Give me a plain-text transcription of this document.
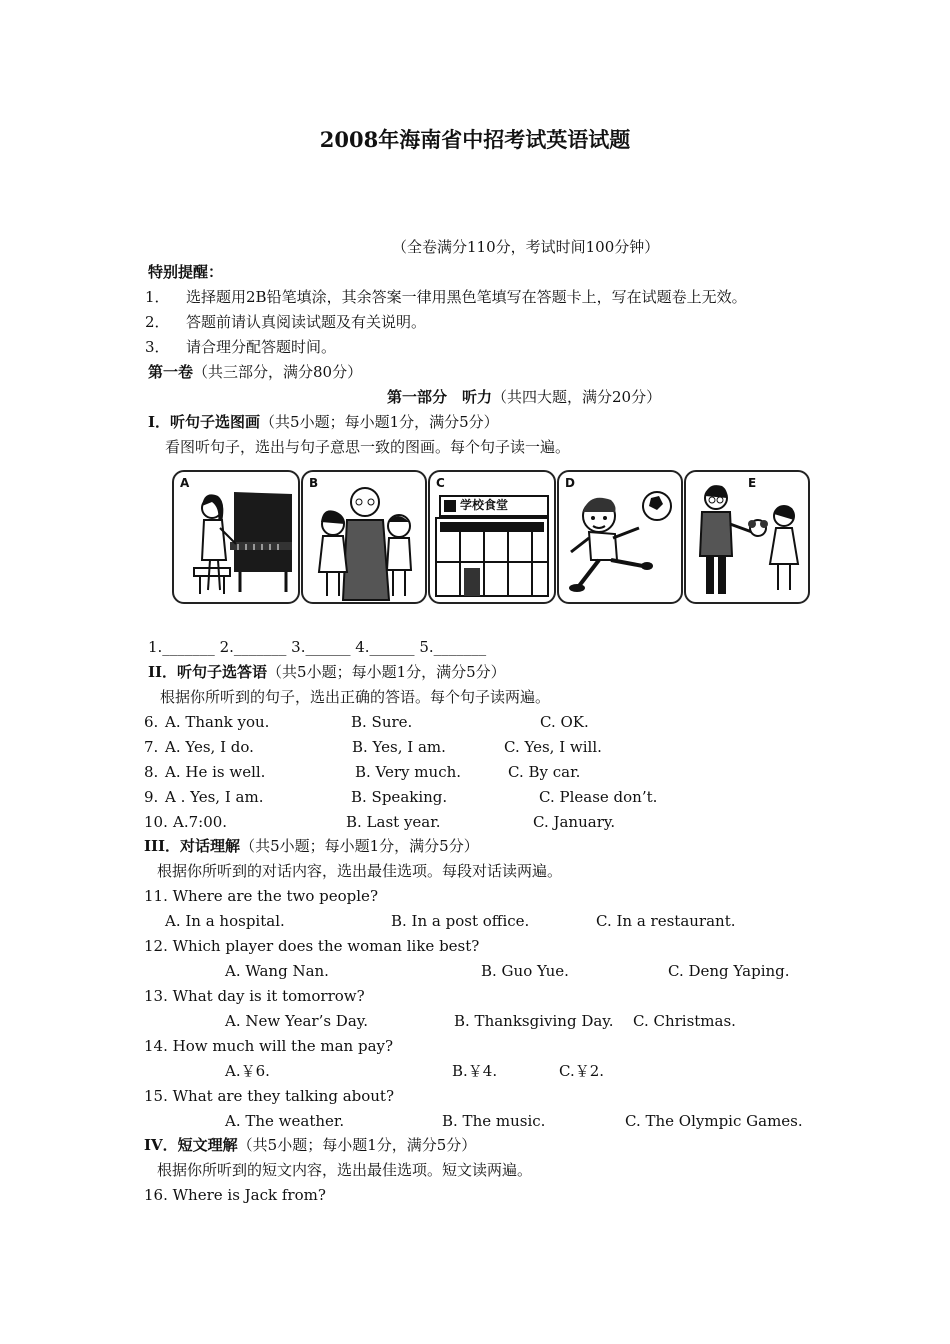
2008年海南省中招考试英语试题
（全卷满分110分，考试时间100分钟）
特别提醒：
1． 选择题用2B铅笔填涂，其余答案一律用黑色笔填写在答题卡上，写在试题卷上无效。
2． 答题前请认真阅读试题及有关说明。
3． 请合理分配答题时间。
第一卷（共三部分，满分80分）
第一部分　听力（共四大题，满分20分）
I．听句子选图画（共5小题；每小题1分，满分5分）
看图听句子，选出与句子意思一致的图画。每个句子读一遍。
A	B	C
学校食堂
D	E
1._______ 2._______ 3.______ 4.______ 5._______
II．听句子选答语（共5小题；每小题1分，满分5分）
根据你所听到的句子，选出正确的答语。每个句子读两遍。
6. A. Thank you.	B. Sure.	C. OK.
7. A. Yes, I do.	B. Yes, I am.	C. Yes, I will.
8. A. He is well.	B. Very much.	C. By car.
9. A . Yes, I am.	B. Speaking.	C. Please don’t.
10. A.7:00.	B. Last year.	C. January.
III．对话理解（共5小题；每小题1分，满分5分）
根据你所听到的对话内容，选出最佳选项。每段对话读两遍。
11. Where are the two people?
A. In a hospital.	B. In a post office.	C. In a restaurant.
12. Which player does the woman like best?
A. Wang Nan.	B. Guo Yue.	C. Deng Yaping.
13. What day is it tomorrow?
A. New Year’s Day.	B. Thanksgiving Day. C. Christmas.
14. How much will the man pay?
A.￥6.	B.￥4.	C.￥2.
15. What are they talking about?
A. The weather.	B. The music.	C. The Olympic Games.
IV．短文理解（共5小题；每小题1分，满分5分）
根据你所听到的短文内容，选出最佳选项。短文读两遍。
16. Where is Jack from?
